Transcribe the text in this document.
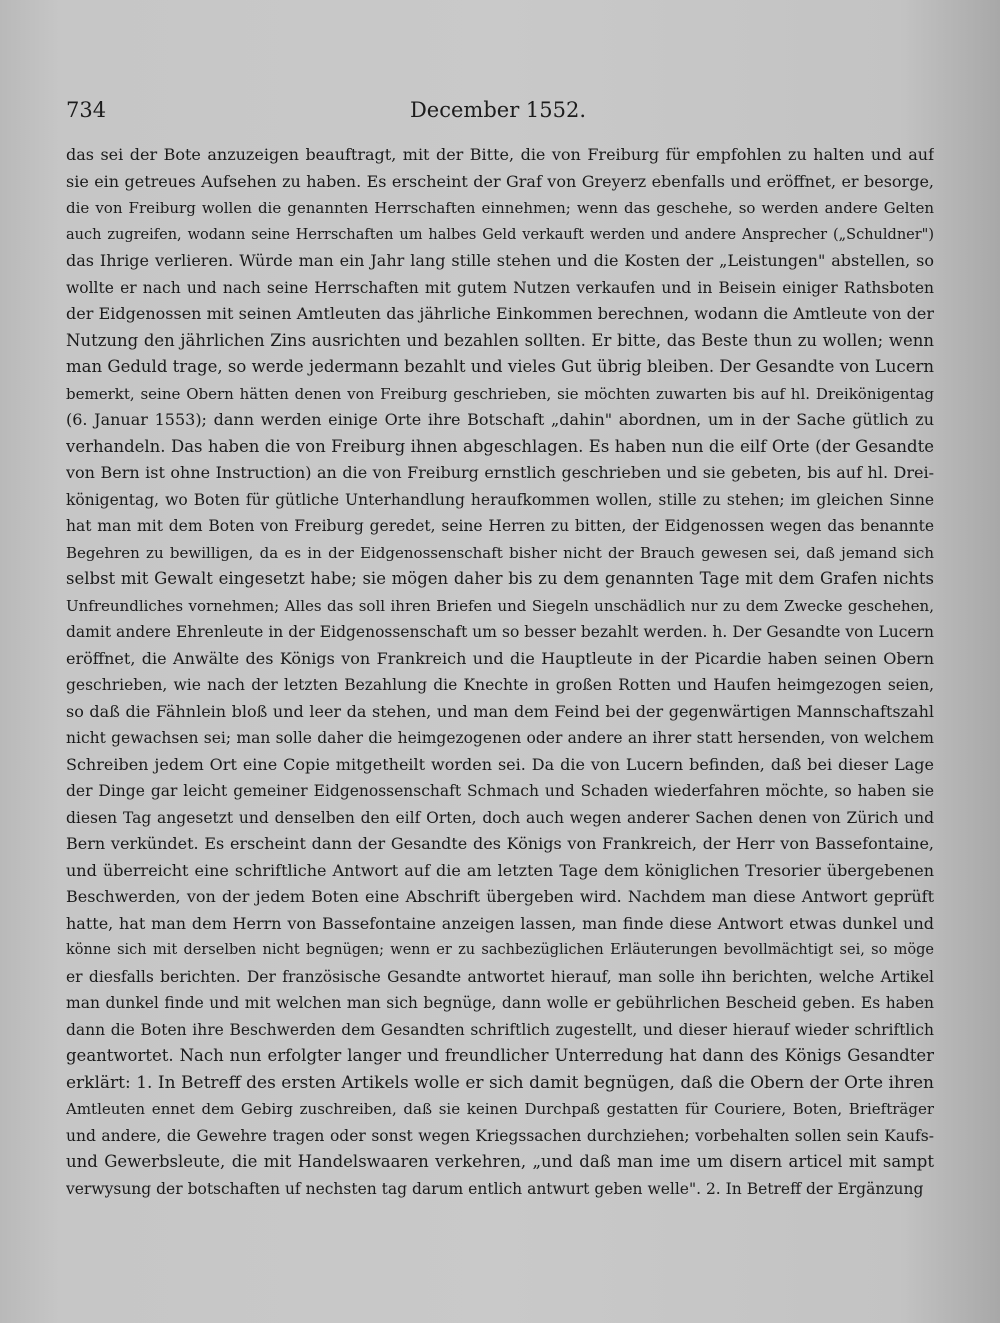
734	December 1552.
das sei der Bote anzuzeigen beauftragt, mit der Bitte, die von Freiburg für empfohlen zu halten und auf
sie ein getreues Aufsehen zu haben. Es erscheint der Graf von Greyerz ebenfalls und eröffnet, er besorge,
die von Freiburg wollen die genannten Herrschaften einnehmen; wenn das geschehe, so werden andere Gelten
auch zugreifen, wodann seine Herrschaften um halbes Geld verkauft werden und andere Ansprecher („Schuldner")
das Ihrige verlieren. Würde man ein Jahr lang stille stehen und die Kosten der „Leistungen" abstellen, so
wollte er nach und nach seine Herrschaften mit gutem Nutzen verkaufen und in Beisein einiger Rathsboten
der Eidgenossen mit seinen Amtleuten das jährliche Einkommen berechnen, wodann die Amtleute von der
Nutzung den jährlichen Zins ausrichten und bezahlen sollten. Er bitte, das Beste thun zu wollen; wenn
man Geduld trage, so werde jedermann bezahlt und vieles Gut übrig bleiben. Der Gesandte von Lucern
bemerkt, seine Obern hätten denen von Freiburg geschrieben, sie möchten zuwarten bis auf hl. Dreikönigentag
(6. Januar 1553); dann werden einige Orte ihre Botschaft „dahin" abordnen, um in der Sache gütlich zu
verhandeln. Das haben die von Freiburg ihnen abgeschlagen. Es haben nun die eilf Orte (der Gesandte
von Bern ist ohne Instruction) an die von Freiburg ernstlich geschrieben und sie gebeten, bis auf hl. Drei-
königentag, wo Boten für gütliche Unterhandlung heraufkommen wollen, stille zu stehen; im gleichen Sinne
hat man mit dem Boten von Freiburg geredet, seine Herren zu bitten, der Eidgenossen wegen das benannte
Begehren zu bewilligen, da es in der Eidgenossenschaft bisher nicht der Brauch gewesen sei, daß jemand sich
selbst mit Gewalt eingesetzt habe; sie mögen daher bis zu dem genannten Tage mit dem Grafen nichts
Unfreundliches vornehmen; Alles das soll ihren Briefen und Siegeln unschädlich nur zu dem Zwecke geschehen,
damit andere Ehrenleute in der Eidgenossenschaft um so besser bezahlt werden. h. Der Gesandte von Lucern
eröffnet, die Anwälte des Königs von Frankreich und die Hauptleute in der Picardie haben seinen Obern
geschrieben, wie nach der letzten Bezahlung die Knechte in großen Rotten und Haufen heimgezogen seien,
so daß die Fähnlein bloß und leer da stehen, und man dem Feind bei der gegenwärtigen Mannschaftszahl
nicht gewachsen sei; man solle daher die heimgezogenen oder andere an ihrer statt hersenden, von welchem
Schreiben jedem Ort eine Copie mitgetheilt worden sei. Da die von Lucern befinden, daß bei dieser Lage
der Dinge gar leicht gemeiner Eidgenossenschaft Schmach und Schaden wiederfahren möchte, so haben sie
diesen Tag angesetzt und denselben den eilf Orten, doch auch wegen anderer Sachen denen von Zürich und
Bern verkündet. Es erscheint dann der Gesandte des Königs von Frankreich, der Herr von Bassefontaine,
und überreicht eine schriftliche Antwort auf die am letzten Tage dem königlichen Tresorier übergebenen
Beschwerden, von der jedem Boten eine Abschrift übergeben wird. Nachdem man diese Antwort geprüft
hatte, hat man dem Herrn von Bassefontaine anzeigen lassen, man finde diese Antwort etwas dunkel und
könne sich mit derselben nicht begnügen; wenn er zu sachbezüglichen Erläuterungen bevollmächtigt sei, so möge
er diesfalls berichten. Der französische Gesandte antwortet hierauf, man solle ihn berichten, welche Artikel
man dunkel finde und mit welchen man sich begnüge, dann wolle er gebührlichen Bescheid geben. Es haben
dann die Boten ihre Beschwerden dem Gesandten schriftlich zugestellt, und dieser hierauf wieder schriftlich
geantwortet. Nach nun erfolgter langer und freundlicher Unterredung hat dann des Königs Gesandter
erklärt: 1. In Betreff des ersten Artikels wolle er sich damit begnügen, daß die Obern der Orte ihren
Amtleuten ennet dem Gebirg zuschreiben, daß sie keinen Durchpaß gestatten für Couriere, Boten, Briefträger
und andere, die Gewehre tragen oder sonst wegen Kriegssachen durchziehen; vorbehalten sollen sein Kaufs-
und Gewerbsleute, die mit Handelswaaren verkehren, „und daß man ime um disern articel mit sampt
verwysung der botschaften uf nechsten tag darum entlich antwurt geben welle". 2. In Betreff der Ergänzung
